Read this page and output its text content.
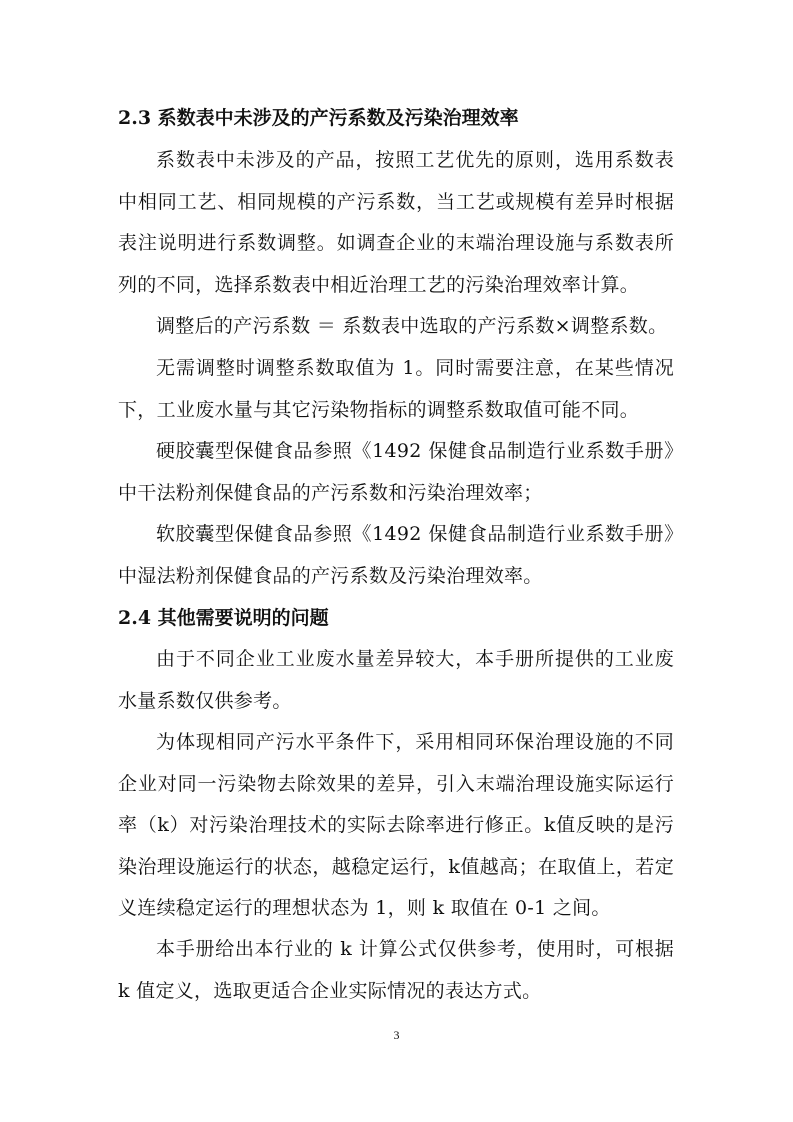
2.3 系数表中未涉及的产污系数及污染治理效率
系数表中未涉及的产品，按照工艺优先的原则，选用系数表中相同工艺、相同规模的产污系数，当工艺或规模有差异时根据表注说明进行系数调整。如调查企业的末端治理设施与系数表所列的不同，选择系数表中相近治理工艺的污染治理效率计算。
调整后的产污系数 ＝ 系数表中选取的产污系数×调整系数。
无需调整时调整系数取值为 1。同时需要注意，在某些情况下，工业废水量与其它污染物指标的调整系数取值可能不同。
硬胶囊型保健食品参照《1492 保健食品制造行业系数手册》中干法粉剂保健食品的产污系数和污染治理效率；
软胶囊型保健食品参照《1492 保健食品制造行业系数手册》中湿法粉剂保健食品的产污系数及污染治理效率。
2.4 其他需要说明的问题
由于不同企业工业废水量差异较大，本手册所提供的工业废水量系数仅供参考。
为体现相同产污水平条件下，采用相同环保治理设施的不同企业对同一污染物去除效果的差异，引入末端治理设施实际运行率（k）对污染治理技术的实际去除率进行修正。k值反映的是污染治理设施运行的状态，越稳定运行，k值越高；在取值上，若定义连续稳定运行的理想状态为 1，则 k 取值在 0-1 之间。
本手册给出本行业的 k 计算公式仅供参考，使用时，可根据 k 值定义，选取更适合企业实际情况的表达方式。
3
